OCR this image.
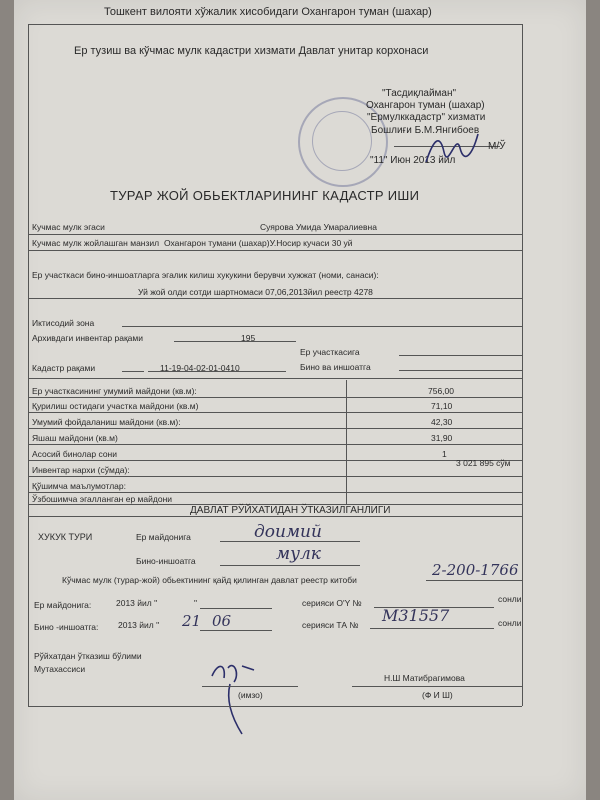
Тошкент вилояти хўжалик хисобидаги Охангарон туман (шахар)
Ер тузиш ва кўчмас мулк кадастри хизмати Давлат унитар корхонаси
"Тасдиқлайман"
Охангарон туман (шахар)
"Ермулккадастр" хизмати
Бошлиғи Б.М.Янгибоев
М/Ў
"11" Июн 2013 йил
ТУРАР ЖОЙ ОБЬЕКТЛАРИНИНГ КАДАСТР ИШИ
Кучмас мулк эгаси	Суярова Умида Умаралиевна
Кучмас мулк жойлашган манзил Охангарон тумани (шахар)У.Носир кучаси 30 уй
Ер участкаси бино-иншоатларга эгалик килиш хукукини берувчи хужжат (номи, санаси):
Уй жой олди сотди шартномаси 07,06,2013йил реестр 4278
Иктисодий зона
Архивдаги инвентар рақами	195
Ер участкасига
Кадастр рақами	11-19-04-02-01-0410	Бино ва иншоатга
Ер участкасининг умумий майдони (кв.м):	756,00
Қурилиш остидаги участка майдони (кв.м)	71,10
Умумий фойдаланиш майдони (кв.м):	42,30
Яшаш майдони (кв.м)	31,90
Асосий бинолар сони	1
Инвентар нархи (сўмда):
3 021 895 сўм
Қўшимча маълумотлар:
Ўзбошимча эгалланган ер майдони
ДАВЛАТ РЎЙХАТИДАН ЎТКАЗИЛГАНЛИГИ
ХУКУК ТУРИ	Ер майдонига	доимий
Бино-иншоатга	мулк
Кўчмас мулк (турар-жой) обьектининг қайд қилинган давлат реестр китоби
2-200-1766
Ер майдонига:	2013 йил "	"	серияси O'Y №	сонли
Бино -иншоатга: 2013 йил " 21 06	серияси ТА № М31557	сонли
Рўйхатдан ўтказиш бўлими
Мутахассиси
Н.Ш Матибрагимова
(имзо)	(Ф И Ш)
